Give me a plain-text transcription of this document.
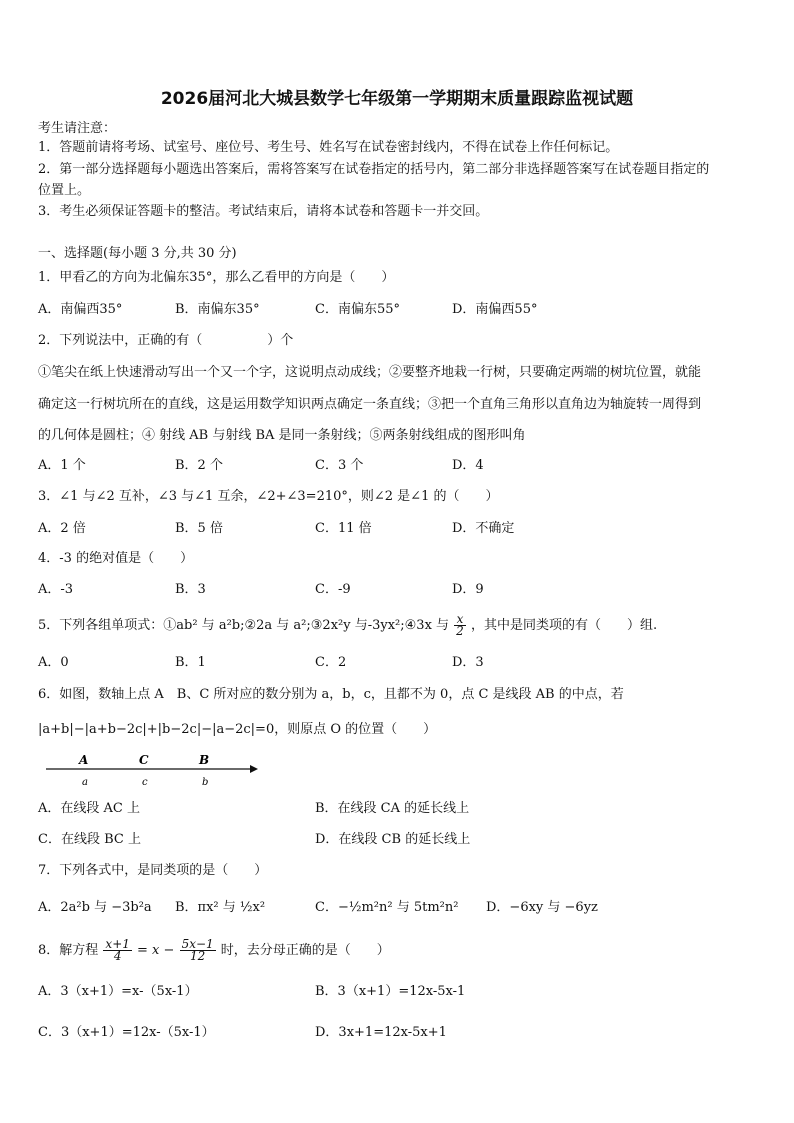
2026届河北大城县数学七年级第一学期期末质量跟踪监视试题
考生请注意：
1．答题前请将考场、试室号、座位号、考生号、姓名写在试卷密封线内，不得在试卷上作任何标记。
2．第一部分选择题每小题选出答案后，需将答案写在试卷指定的括号内，第二部分非选择题答案写在试卷题目指定的
位置上。
3．考生必须保证答题卡的整洁。考试结束后，请将本试卷和答题卡一并交回。
一、选择题(每小题 3 分,共 30 分)
1．甲看乙的方向为北偏东35°，那么乙看甲的方向是（　　）
A．南偏西35°	B．南偏东35°	C．南偏东55°	D．南偏西55°
2．下列说法中，正确的有（　　　　　）个
①笔尖在纸上快速滑动写出一个又一个字，这说明点动成线；②要整齐地栽一行树，只要确定两端的树坑位置，就能
确定这一行树坑所在的直线，这是运用数学知识两点确定一条直线；③把一个直角三角形以直角边为轴旋转一周得到
的几何体是圆柱；④ 射线 AB 与射线 BA 是同一条射线；⑤两条射线组成的图形叫角
A．1 个	B．2 个	C．3 个	D．4
3．∠1 与∠2 互补，∠3 与∠1 互余，∠2+∠3=210°，则∠2 是∠1 的（　　）
A．2 倍	B．5 倍	C．11 倍	D．不确定
4．-3 的绝对值是（　　）
A．-3	B．3	C．-9	D．9
5．下列各组单项式：①ab² 与 a²b;②2a 与 a²;③2x²y 与-3yx²;④3x 与 $\frac{x}{2}$ ，其中是同类项的有（　　）组.
A．0	B．1	C．2	D．3
6．如图，数轴上点 A　B、C 所对应的数分别为 a，b，c，且都不为 0，点 C 是线段 AB 的中点，若
|a+b|−|a+b−2c|+|b−2c|−|a−2c|=0，则原点 O 的位置（　　）
A	C	B
a	c	b
A．在线段 AC 上	B．在线段 CA 的延长线上
C．在线段 BC 上	D．在线段 CB 的延长线上
7．下列各式中，是同类项的是（　　）
A．2a²b 与 −3b²a B．πx² 与 ½x²	C．−½m²n² 与 5tm²n² D．−6xy 与 −6yz
8．解方程 $\frac{x+1}{4} = x - \frac{5x-1}{12}$ 时，去分母正确的是（　　）
A．3（x+1）=x-（5x-1）	B．3（x+1）=12x-5x-1
C．3（x+1）=12x-（5x-1）	D．3x+1=12x-5x+1
